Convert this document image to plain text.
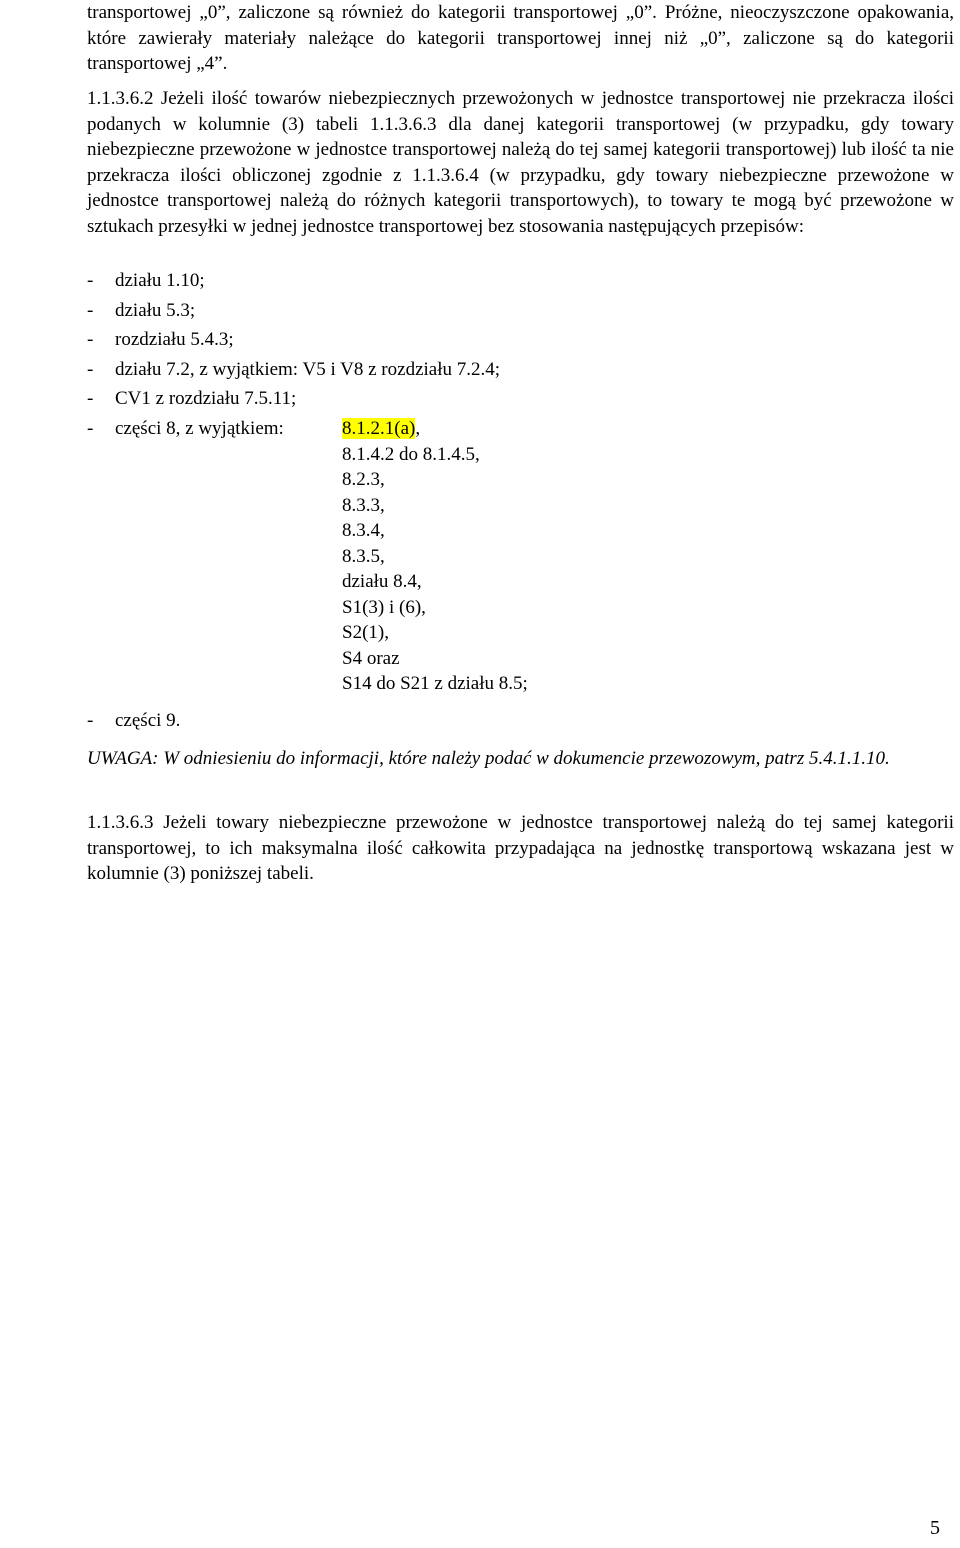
transportowej „0”, zaliczone są również do kategorii transportowej „0”. Próżne, nieoczyszczone opakowania, które zawierały materiały należące do kategorii transportowej innej niż „0”, zaliczone są do kategorii transportowej „4”.

1.1.3.6.2 Jeżeli ilość towarów niebezpiecznych przewożonych w jednostce transportowej nie przekracza ilości podanych w kolumnie (3) tabeli 1.1.3.6.3 dla danej kategorii transportowej (w przypadku, gdy towary niebezpieczne przewożone w jednostce transportowej należą do tej samej kategorii transportowej) lub ilość ta nie przekracza ilości obliczonej zgodnie z 1.1.3.6.4 (w przypadku, gdy towary niebezpieczne przewożone w jednostce transportowej należą do różnych kategorii transportowych), to towary te mogą być przewożone w sztukach przesyłki w jednej jednostce transportowej bez stosowania następujących przepisów:

- działu 1.10;
- działu 5.3;
- rozdziału 5.4.3;
- działu 7.2, z wyjątkiem: V5 i V8 z rozdziału 7.2.4;
- CV1 z rozdziału 7.5.11;
- części 8, z wyjątkiem:	8.1.2.1(a),
8.1.4.2 do 8.1.4.5,
8.2.3,
8.3.3,
8.3.4,
8.3.5,
działu 8.4,
S1(3) i (6),
S2(1),
S4 oraz
S14 do S21 z działu 8.5;
- części 9.

UWAGA: W odniesieniu do informacji, które należy podać w dokumencie przewozowym, patrz 5.4.1.1.10.

1.1.3.6.3 Jeżeli towary niebezpieczne przewożone w jednostce transportowej należą do tej samej kategorii transportowej, to ich maksymalna ilość całkowita przypadająca na jednostkę transportową wskazana jest w kolumnie (3) poniższej tabeli.

5
